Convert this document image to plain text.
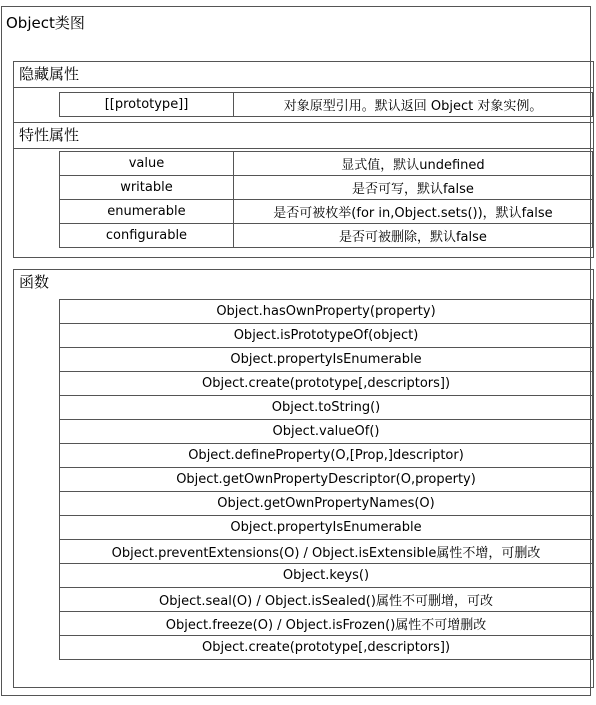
Object类图
隐藏属性
[[prototype]]	对象原型引用。默认返回 Object 对象实例。
特性属性
value	显式值，默认undefined
writable	是否可写，默认false
enumerable	是否可被枚举(for in,Object.sets())，默认false
configurable	是否可被删除，默认false
函数
Object.hasOwnProperty(property)
Object.isPrototypeOf(object)
Object.propertyIsEnumerable
Object.create(prototype[,descriptors])
Object.toString()
Object.valueOf()
Object.defineProperty(O,[Prop,]descriptor)
Object.getOwnPropertyDescriptor(O,property)
Object.getOwnPropertyNames(O)
Object.propertyIsEnumerable
Object.preventExtensions(O) / Object.isExtensible属性不增，可删改
Object.keys()
Object.seal(O) / Object.isSealed()属性不可删增，可改
Object.freeze(O) / Object.isFrozen()属性不可增删改
Object.create(prototype[,descriptors])
